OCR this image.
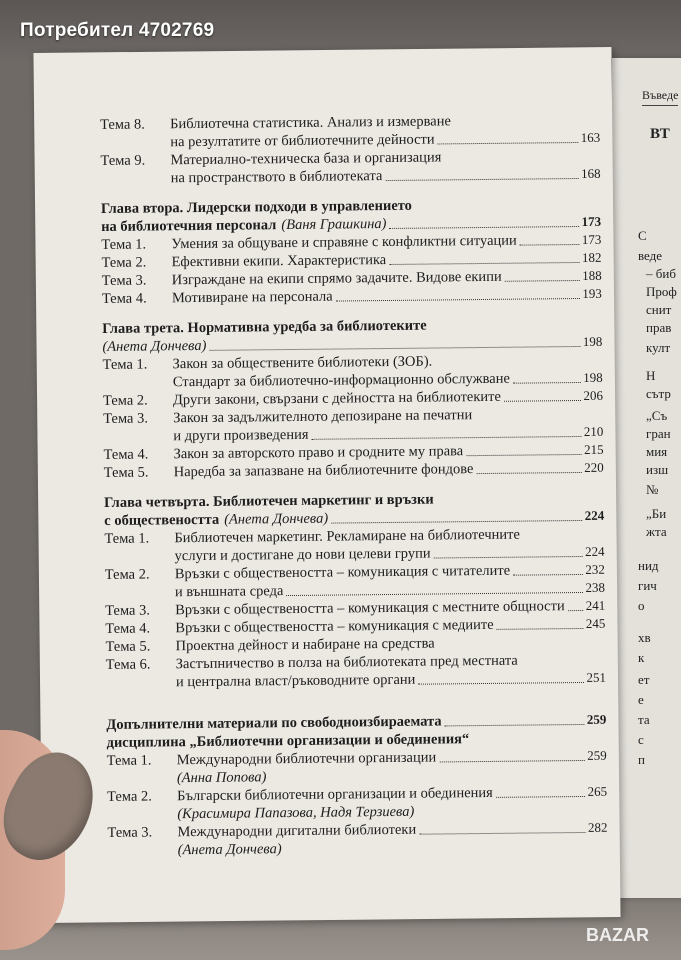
Въведе
ВТ
С
веде
– биб
Проф
снит
прав
култ
Н
сътр
„Съ
гран
мия
изш
№
„Би
жта
нид
гич
о
хв
к
ет
е
та
с
п
Тема 8.	Библиотечна статистика. Анализ и измерване
на резултатите от библиотечните дейности	163
Тема 9.	Материално-техническа база и организация
на пространството в библиотеката	168
Глава втора. Лидерски подходи в управлението
на библиотечния персонал (Ваня Грашкина)	173
Тема 1.	Умения за общуване и справяне с конфликтни ситуации	173
Тема 2.	Ефективни екипи. Характеристика	182
Тема 3.	Изграждане на екипи спрямо задачите. Видове екипи	188
Тема 4.	Мотивиране на персонала	193
Глава трета. Нормативна уредба за библиотеките
(Анета Дончева)	198
Тема 1.	Закон за обществените библиотеки (ЗОБ).
Стандарт за библиотечно-информационно обслужване	198
Тема 2.	Други закони, свързани с дейността на библиотеките	206
Тема 3.	Закон за задължителното депозиране на печатни
и други произведения	210
Тема 4.	Закон за авторското право и сродните му права	215
Тема 5.	Наредба за запазване на библиотечните фондове	220
Глава четвърта. Библиотечен маркетинг и връзки
с обществеността (Анета Дончева)	224
Тема 1.	Библиотечен маркетинг. Рекламиране на библиотечните
услуги и достигане до нови целеви групи	224
Тема 2.	Връзки с обществеността – комуникация с читателите	232
и външната среда	238
Тема 3.	Връзки с обществеността – комуникация с местните общности 241
Тема 4.	Връзки с обществеността – комуникация с медиите	245
Тема 5.	Проектна дейност и набиране на средства
Тема 6.	Застъпничество в полза на библиотеката пред местната
и централна власт/ръководните органи	251
Допълнителни материали по свободноизбираемата	259
дисциплина „Библиотечни организации и обединения“
Тема 1.	Международни библиотечни организации	259
(Анна Попова)
Тема 2.	Български библиотечни организации и обединения	265
(Красимира Папазова, Надя Терзиева)
Тема 3.	Международни дигитални библиотеки	282
(Анета Дончева)
Потребител 4702769
BAZAR
